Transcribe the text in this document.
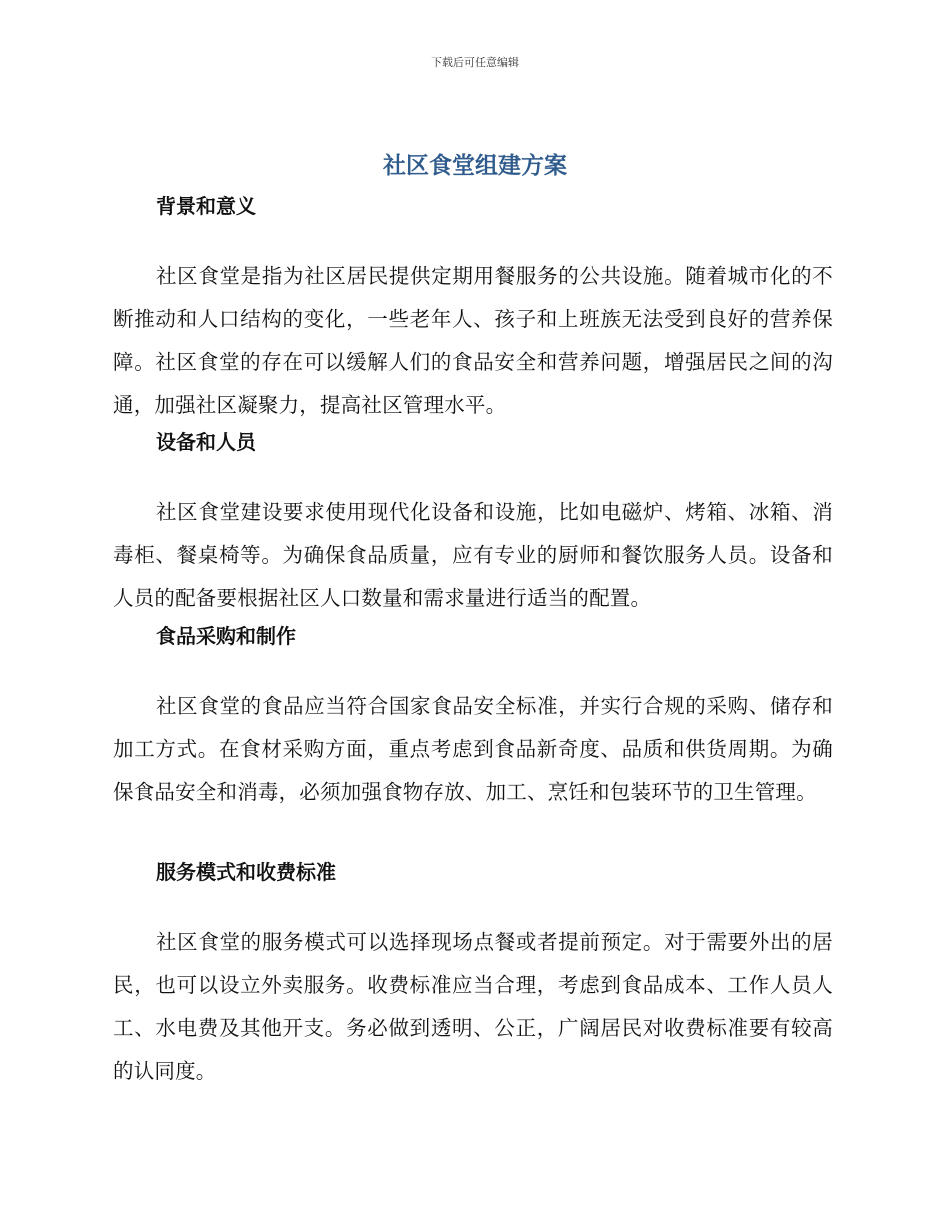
下载后可任意编辑
社区食堂组建方案
背景和意义

社区食堂是指为社区居民提供定期用餐服务的公共设施。随着城市化的不断推动和人口结构的变化，一些老年人、孩子和上班族无法受到良好的营养保障。社区食堂的存在可以缓解人们的食品安全和营养问题，增强居民之间的沟通，加强社区凝聚力，提高社区管理水平。

设备和人员

社区食堂建设要求使用现代化设备和设施，比如电磁炉、烤箱、冰箱、消毒柜、餐桌椅等。为确保食品质量，应有专业的厨师和餐饮服务人员。设备和人员的配备要根据社区人口数量和需求量进行适当的配置。

食品采购和制作

社区食堂的食品应当符合国家食品安全标准，并实行合规的采购、储存和加工方式。在食材采购方面，重点考虑到食品新奇度、品质和供货周期。为确保食品安全和消毒，必须加强食物存放、加工、烹饪和包装环节的卫生管理。

服务模式和收费标准

社区食堂的服务模式可以选择现场点餐或者提前预定。对于需要外出的居民，也可以设立外卖服务。收费标准应当合理，考虑到食品成本、工作人员人工、水电费及其他开支。务必做到透明、公正，广阔居民对收费标准要有较高的认同度。
